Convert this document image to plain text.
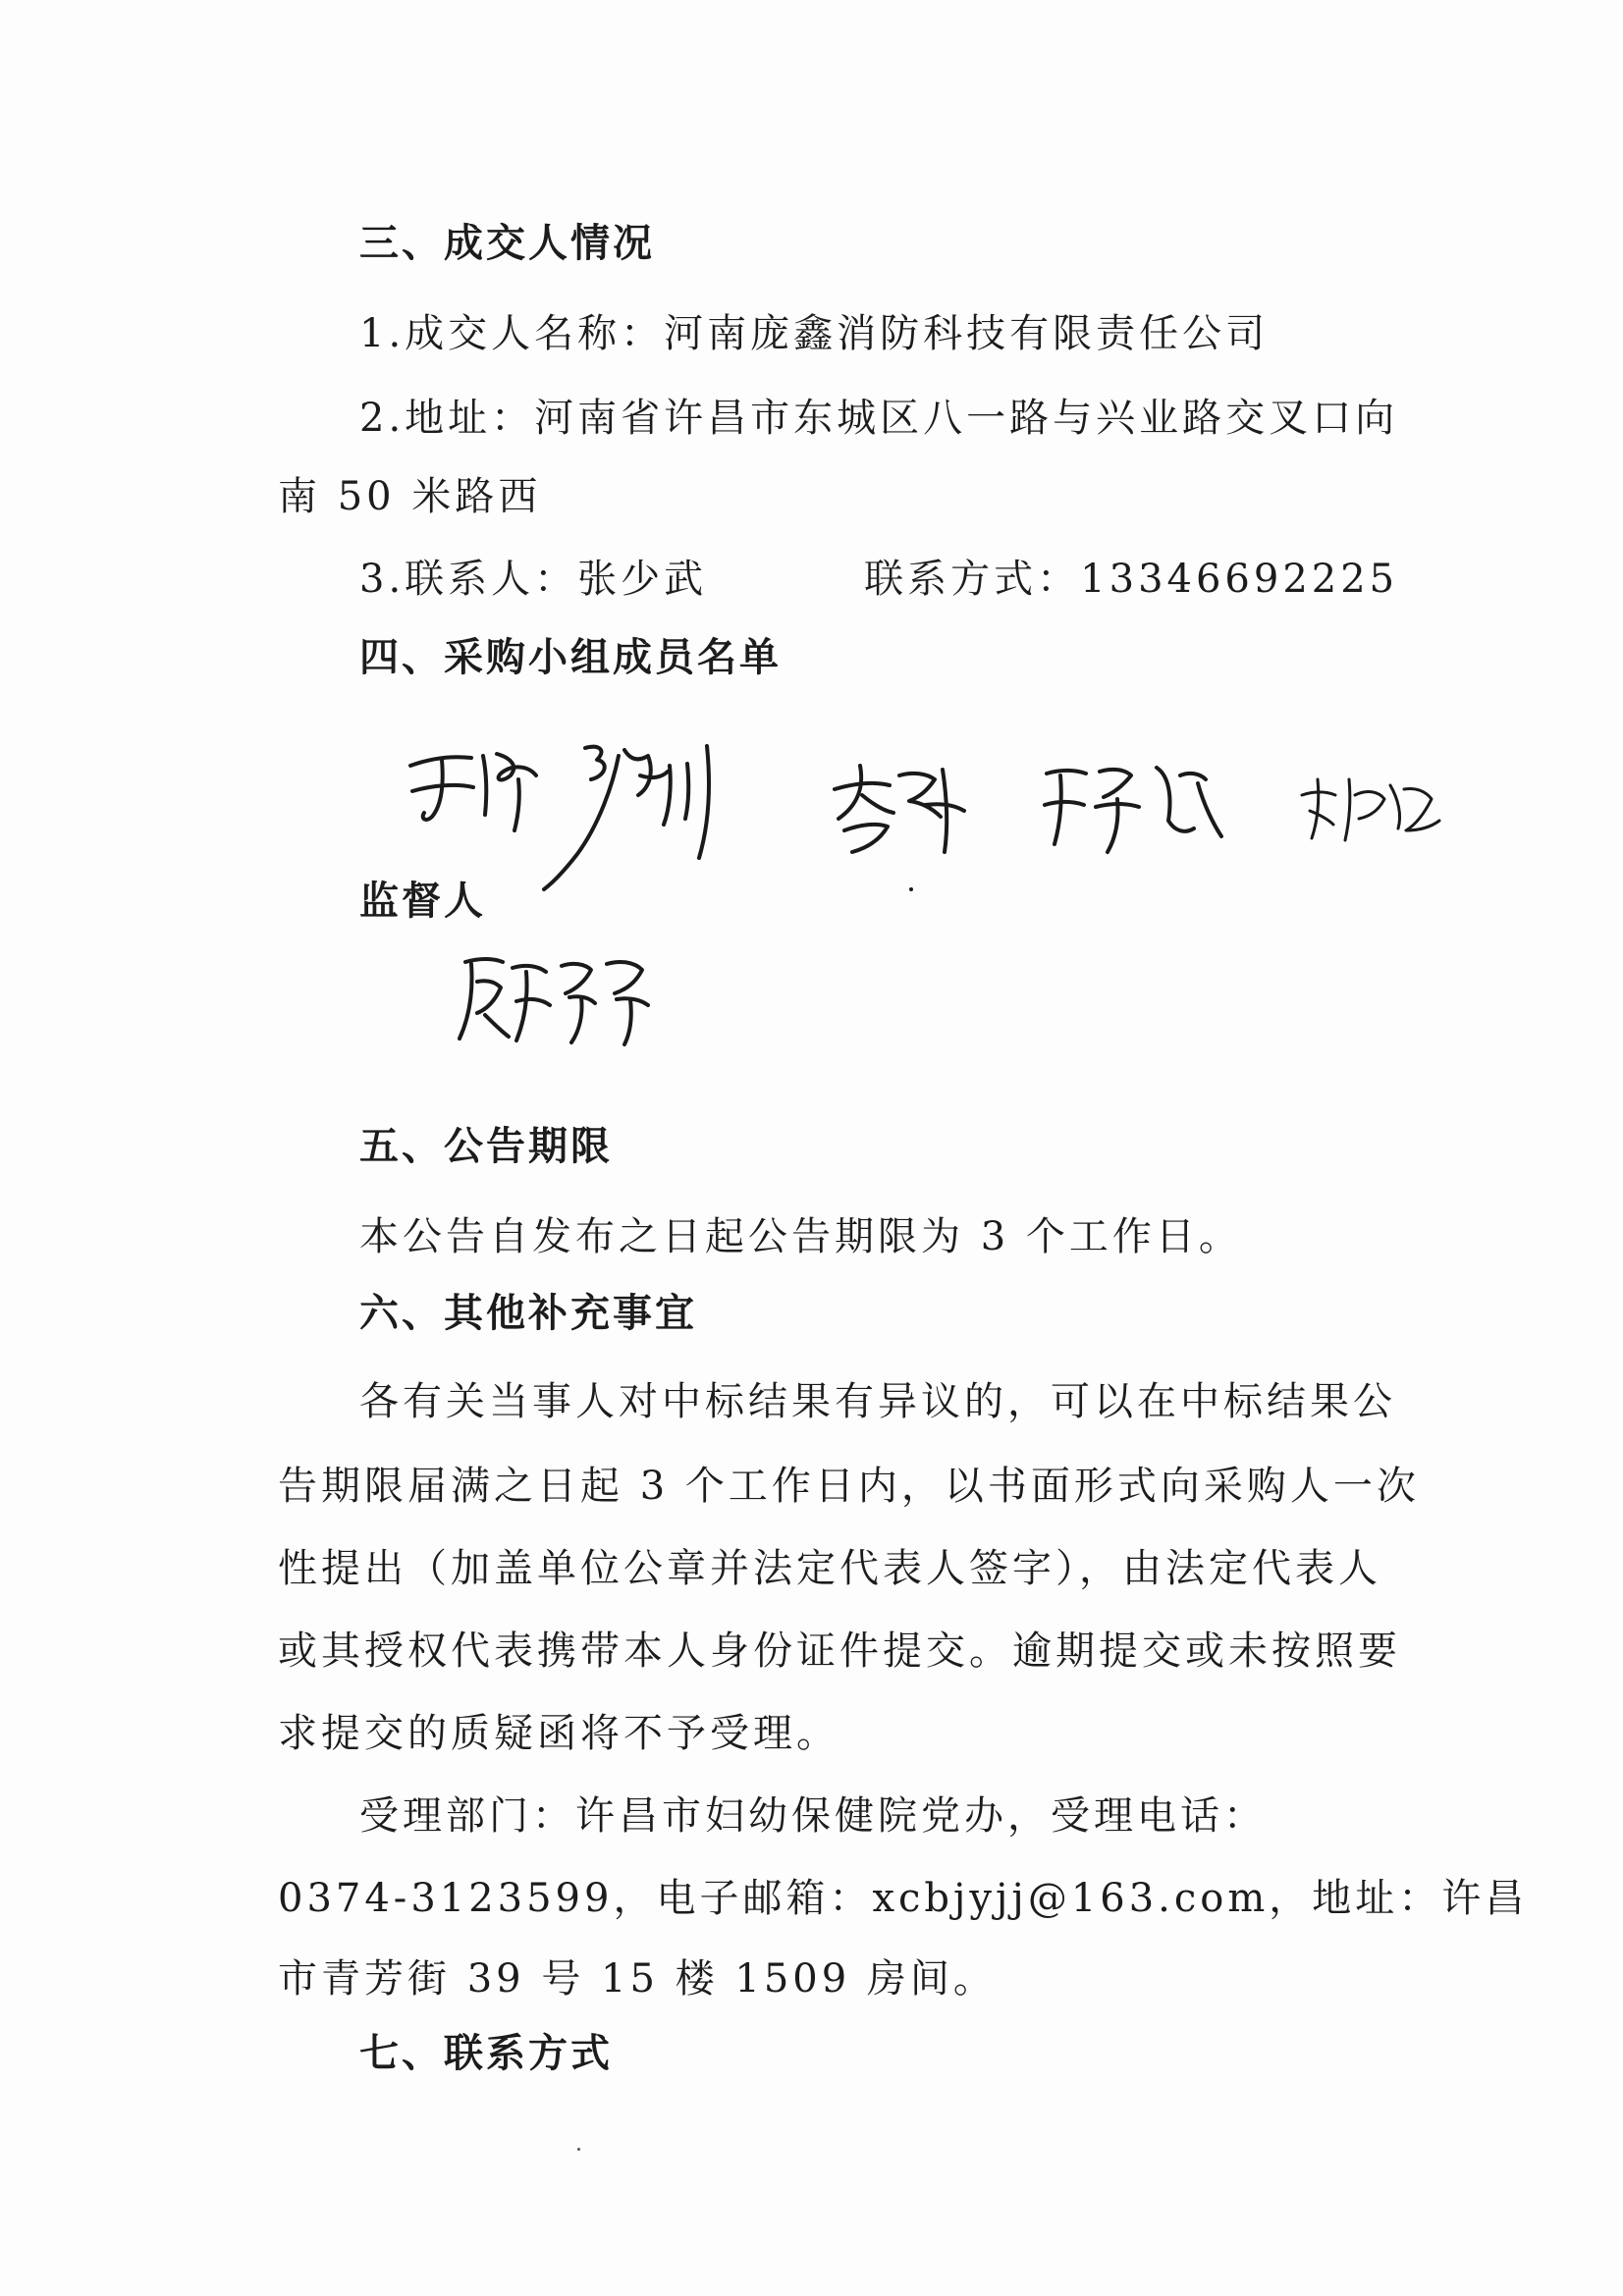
三、成交人情况
1.成交人名称：河南庞鑫消防科技有限责任公司
2.地址：河南省许昌市东城区八一路与兴业路交叉口向
南 50 米路西
3.联系人：张少武	联系方式：13346692225
四、采购小组成员名单
监督人
五、公告期限
本公告自发布之日起公告期限为 3 个工作日。
六、其他补充事宜
各有关当事人对中标结果有异议的，可以在中标结果公
告期限届满之日起 3 个工作日内，以书面形式向采购人一次
性提出（加盖单位公章并法定代表人签字），由法定代表人
或其授权代表携带本人身份证件提交。逾期提交或未按照要
求提交的质疑函将不予受理。
受理部门：许昌市妇幼保健院党办，受理电话：
0374-3123599，电子邮箱：xcbjyjj@163.com，地址：许昌
市青芳街 39 号 15 楼 1509 房间。
七、联系方式
